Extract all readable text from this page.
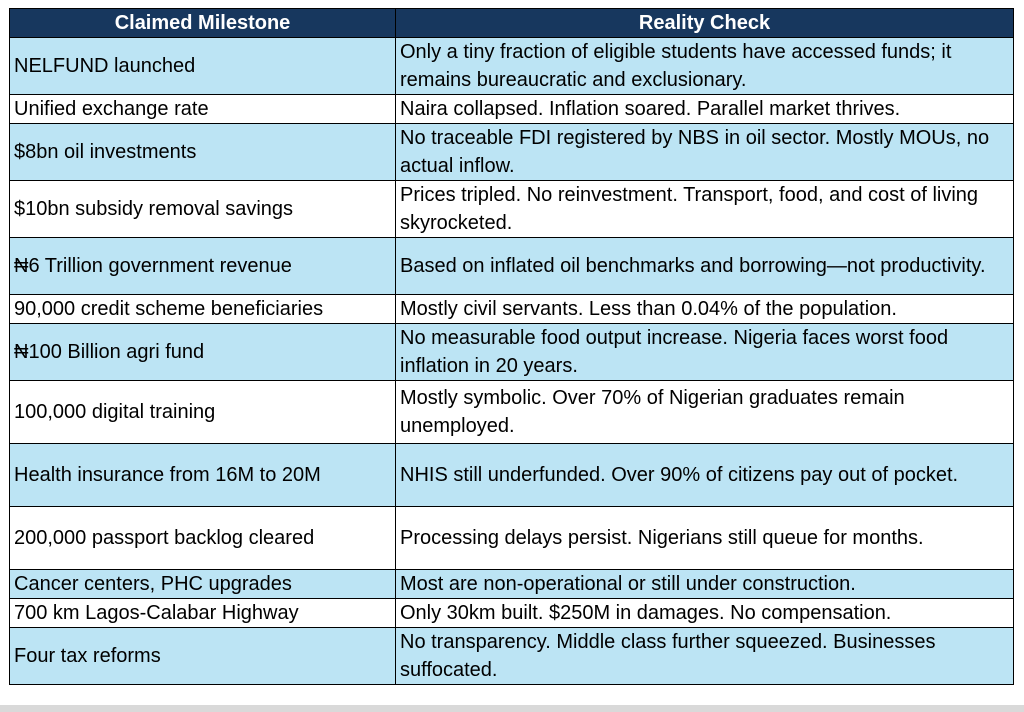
Claimed Milestone	Reality Check
NELFUND launched	Only a tiny fraction of eligible students have accessed funds; it remains bureaucratic and exclusionary.
Unified exchange rate	Naira collapsed. Inflation soared. Parallel market thrives.
$8bn oil investments	No traceable FDI registered by NBS in oil sector. Mostly MOUs, no actual inflow.
$10bn subsidy removal savings	Prices tripled. No reinvestment. Transport, food, and cost of living skyrocketed.
₦6 Trillion government revenue	Based on inflated oil benchmarks and borrowing—not productivity.
90,000 credit scheme beneficiaries	Mostly civil servants. Less than 0.04% of the population.
₦100 Billion agri fund	No measurable food output increase. Nigeria faces worst food inflation in 20 years.
100,000 digital training	Mostly symbolic. Over 70% of Nigerian graduates remain unemployed.
Health insurance from 16M to 20M	NHIS still underfunded. Over 90% of citizens pay out of pocket.
200,000 passport backlog cleared	Processing delays persist. Nigerians still queue for months.
Cancer centers, PHC upgrades	Most are non-operational or still under construction.
700 km Lagos-Calabar Highway	Only 30km built. $250M in damages. No compensation.
Four tax reforms	No transparency. Middle class further squeezed. Businesses suffocated.
